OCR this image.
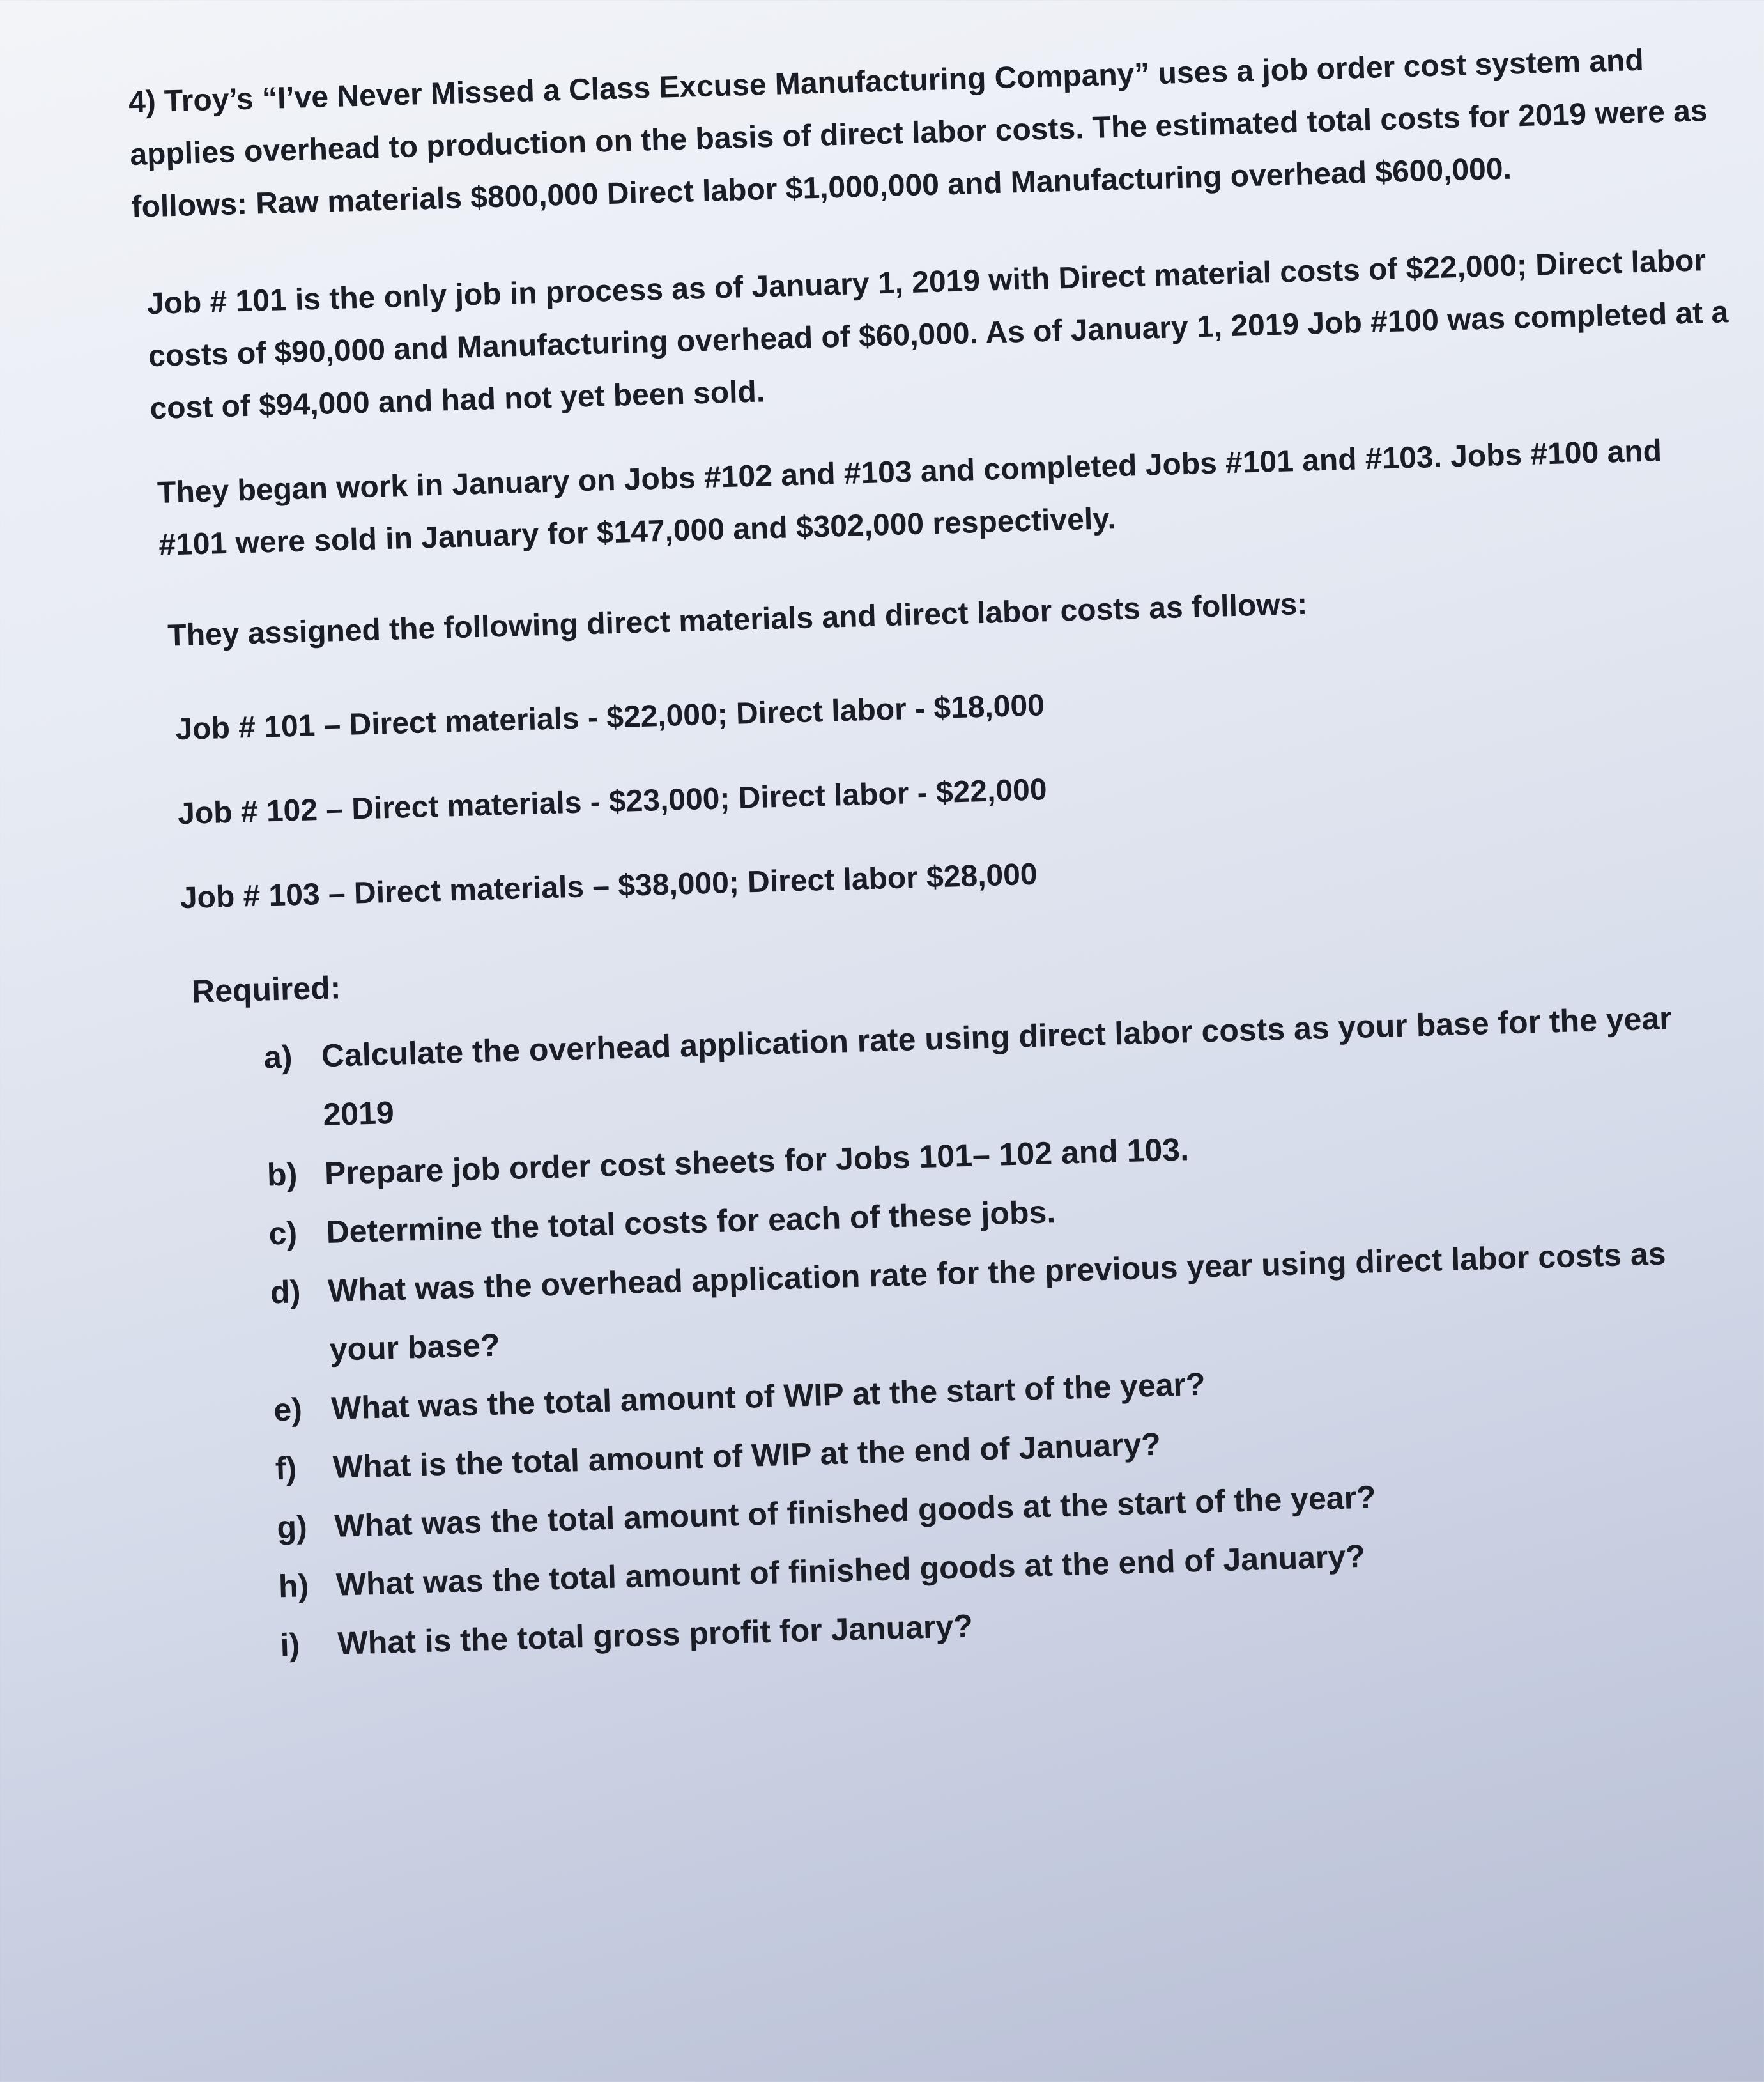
4) Troy’s “I’ve Never Missed a Class Excuse Manufacturing Company” uses a job order cost system and applies overhead to production on the basis of direct labor costs. The estimated total costs for 2019 were as follows: Raw materials $800,000 Direct labor $1,000,000 and Manufacturing overhead $600,000.

Job # 101 is the only job in process as of January 1, 2019 with Direct material costs of $22,000; Direct labor costs of $90,000 and Manufacturing overhead of $60,000. As of January 1, 2019 Job #100 was completed at a cost of $94,000 and had not yet been sold.

They began work in January on Jobs #102 and #103 and completed Jobs #101 and #103. Jobs #100 and #101 were sold in January for $147,000 and $302,000 respectively.

They assigned the following direct materials and direct labor costs as follows:

Job # 101 – Direct materials - $22,000; Direct labor - $18,000
Job # 102 – Direct materials - $23,000; Direct labor - $22,000
Job # 103 – Direct materials – $38,000; Direct labor $28,000
Required:
a) Calculate the overhead application rate using direct labor costs as your base for the year 2019
b) Prepare job order cost sheets for Jobs 101– 102 and 103.
c) Determine the total costs for each of these jobs.
d) What was the overhead application rate for the previous year using direct labor costs as your base?
e) What was the total amount of WIP at the start of the year?
f)	What is the total amount of WIP at the end of January?
g) What was the total amount of finished goods at the start of the year?
h) What was the total amount of finished goods at the end of January?
i)	What is the total gross profit for January?
